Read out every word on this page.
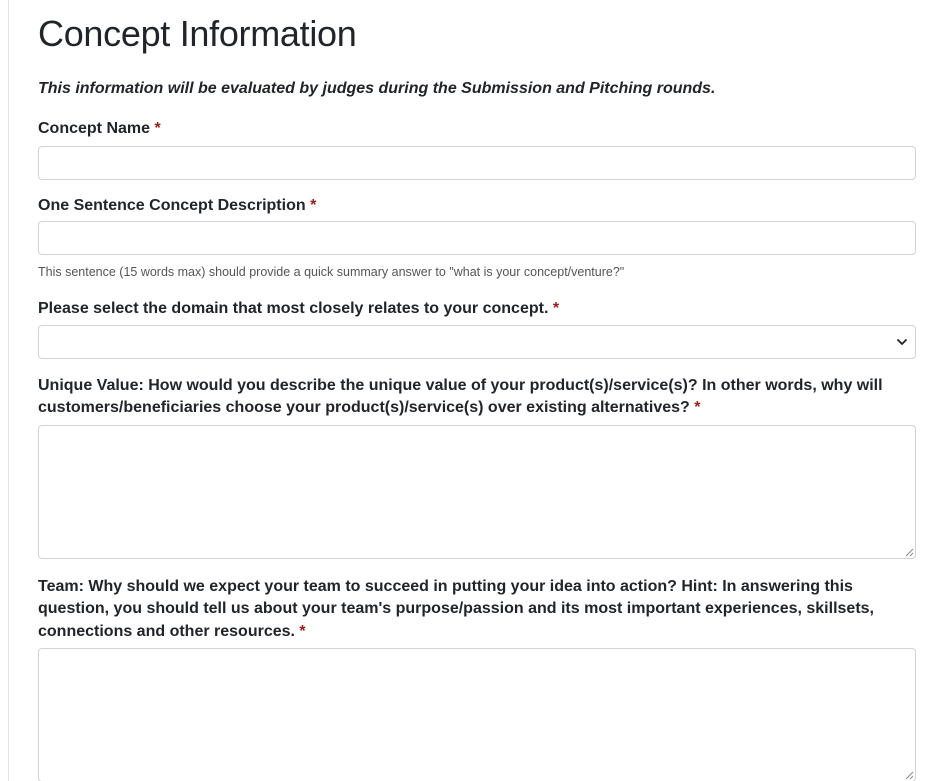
Concept Information
This information will be evaluated by judges during the Submission and Pitching rounds.
Concept Name *
One Sentence Concept Description *
This sentence (15 words max) should provide a quick summary answer to "what is your concept/venture?"
Please select the domain that most closely relates to your concept. *
Unique Value: How would you describe the unique value of your product(s)/service(s)? In other words, why will customers/beneficiaries choose your product(s)/service(s) over existing alternatives? *
Team: Why should we expect your team to succeed in putting your idea into action? Hint: In answering this question, you should tell us about your team's purpose/passion and its most important experiences, skillsets, connections and other resources. *
